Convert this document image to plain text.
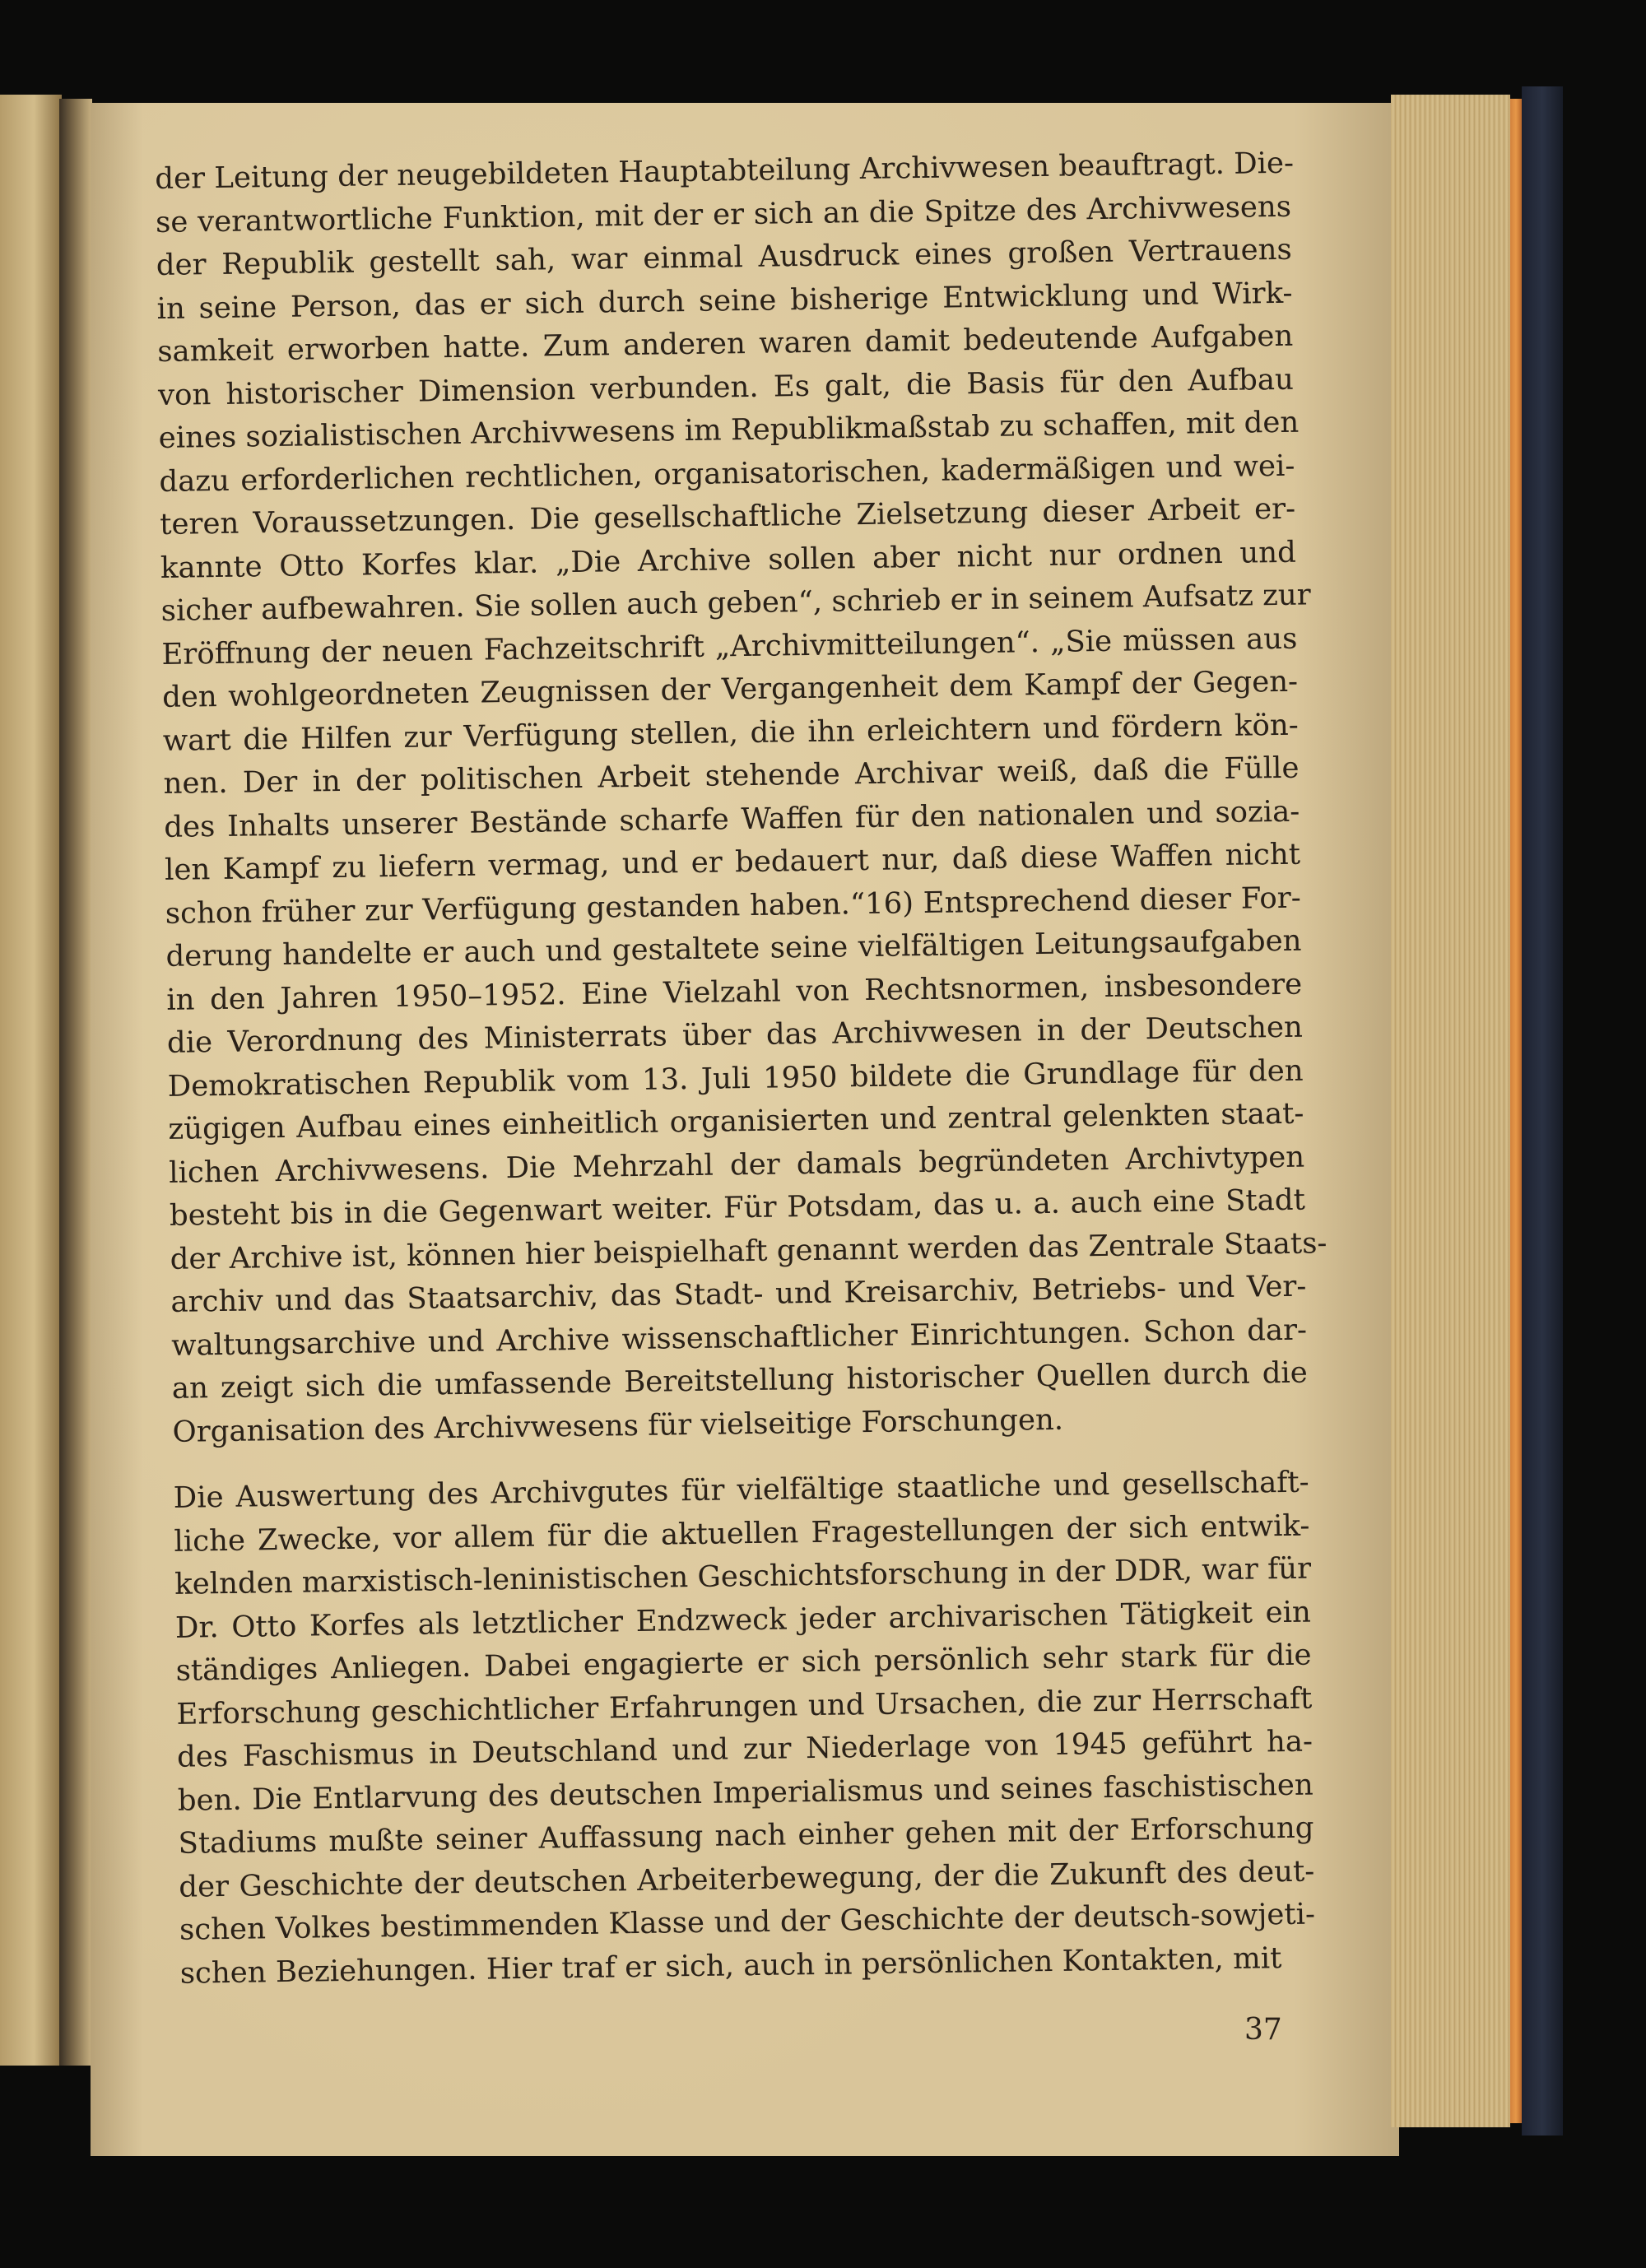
der Leitung der neugebildeten Hauptabteilung Archivwesen beauftragt. Die-
se verantwortliche Funktion, mit der er sich an die Spitze des Archivwesens
der Republik gestellt sah, war einmal Ausdruck eines großen Vertrauens
in seine Person, das er sich durch seine bisherige Entwicklung und Wirk-
samkeit erworben hatte. Zum anderen waren damit bedeutende Aufgaben
von historischer Dimension verbunden. Es galt, die Basis für den Aufbau
eines sozialistischen Archivwesens im Republikmaßstab zu schaffen, mit den
dazu erforderlichen rechtlichen, organisatorischen, kadermäßigen und wei-
teren Voraussetzungen. Die gesellschaftliche Zielsetzung dieser Arbeit er-
kannte Otto Korfes klar. „Die Archive sollen aber nicht nur ordnen und
sicher aufbewahren. Sie sollen auch geben“, schrieb er in seinem Aufsatz zur
Eröffnung der neuen Fachzeitschrift „Archivmitteilungen“. „Sie müssen aus
den wohlgeordneten Zeugnissen der Vergangenheit dem Kampf der Gegen-
wart die Hilfen zur Verfügung stellen, die ihn erleichtern und fördern kön-
nen. Der in der politischen Arbeit stehende Archivar weiß, daß die Fülle
des Inhalts unserer Bestände scharfe Waffen für den nationalen und sozia-
len Kampf zu liefern vermag, und er bedauert nur, daß diese Waffen nicht
schon früher zur Verfügung gestanden haben.“16) Entsprechend dieser For-
derung handelte er auch und gestaltete seine vielfältigen Leitungsaufgaben
in den Jahren 1950–1952. Eine Vielzahl von Rechtsnormen, insbesondere
die Verordnung des Ministerrats über das Archivwesen in der Deutschen
Demokratischen Republik vom 13. Juli 1950 bildete die Grundlage für den
zügigen Aufbau eines einheitlich organisierten und zentral gelenkten staat-
lichen Archivwesens. Die Mehrzahl der damals begründeten Archivtypen
besteht bis in die Gegenwart weiter. Für Potsdam, das u. a. auch eine Stadt
der Archive ist, können hier beispielhaft genannt werden das Zentrale Staats-
archiv und das Staatsarchiv, das Stadt- und Kreisarchiv, Betriebs- und Ver-
waltungsarchive und Archive wissenschaftlicher Einrichtungen. Schon dar-
an zeigt sich die umfassende Bereitstellung historischer Quellen durch die
Organisation des Archivwesens für vielseitige Forschungen.
Die Auswertung des Archivgutes für vielfältige staatliche und gesellschaft-
liche Zwecke, vor allem für die aktuellen Fragestellungen der sich entwik-
kelnden marxistisch-leninistischen Geschichtsforschung in der DDR, war für
Dr. Otto Korfes als letztlicher Endzweck jeder archivarischen Tätigkeit ein
ständiges Anliegen. Dabei engagierte er sich persönlich sehr stark für die
Erforschung geschichtlicher Erfahrungen und Ursachen, die zur Herrschaft
des Faschismus in Deutschland und zur Niederlage von 1945 geführt ha-
ben. Die Entlarvung des deutschen Imperialismus und seines faschistischen
Stadiums mußte seiner Auffassung nach einher gehen mit der Erforschung
der Geschichte der deutschen Arbeiterbewegung, der die Zukunft des deut-
schen Volkes bestimmenden Klasse und der Geschichte der deutsch-sowjeti-
schen Beziehungen. Hier traf er sich, auch in persönlichen Kontakten, mit
37
